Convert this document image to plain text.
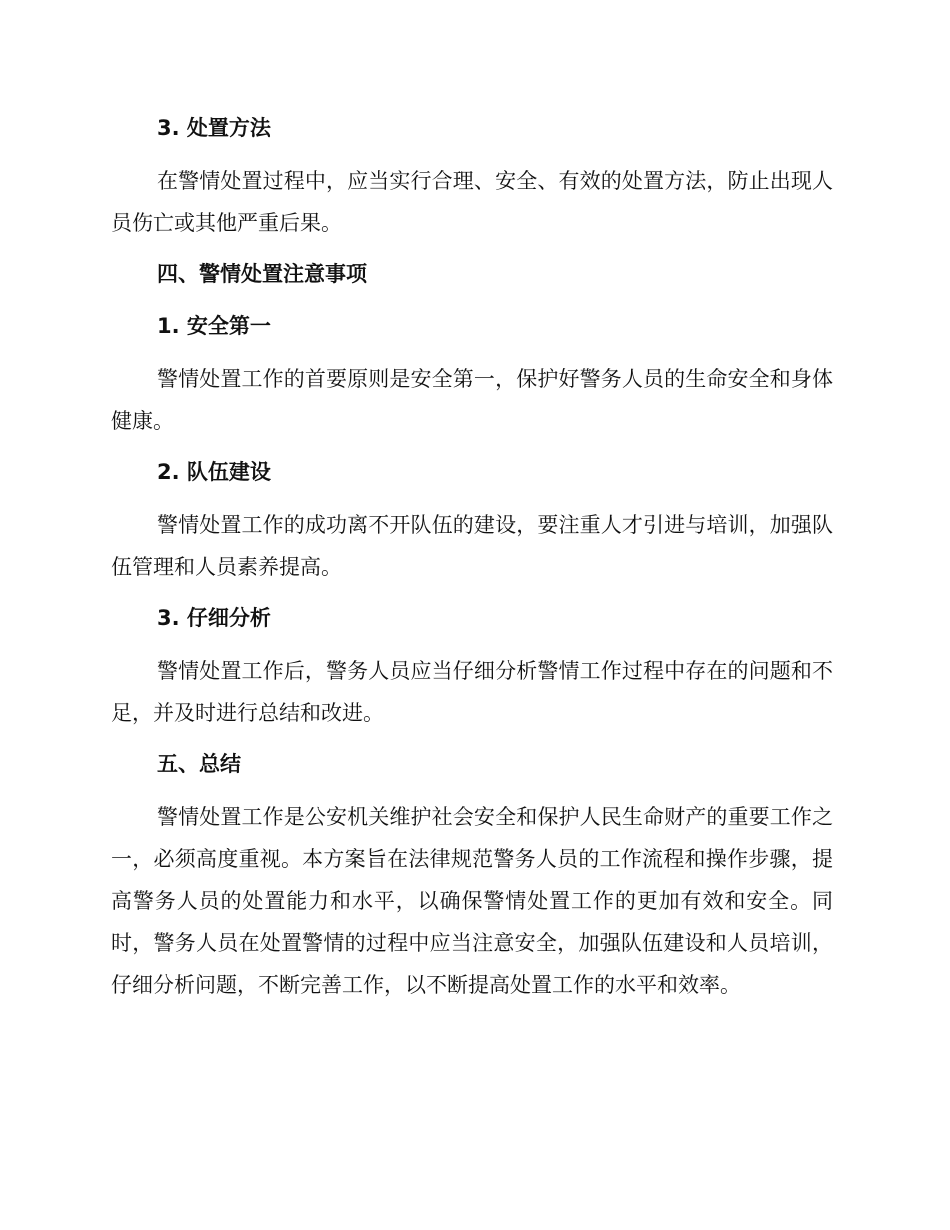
3. 处置方法

在警情处置过程中，应当实行合理、安全、有效的处置方法，防止出现人员伤亡或其他严重后果。

四、警情处置注意事项

1. 安全第一

警情处置工作的首要原则是安全第一，保护好警务人员的生命安全和身体健康。

2. 队伍建设

警情处置工作的成功离不开队伍的建设，要注重人才引进与培训，加强队伍管理和人员素养提高。

3. 仔细分析

警情处置工作后，警务人员应当仔细分析警情工作过程中存在的问题和不足，并及时进行总结和改进。

五、总结

警情处置工作是公安机关维护社会安全和保护人民生命财产的重要工作之一，必须高度重视。本方案旨在法律规范警务人员的工作流程和操作步骤，提高警务人员的处置能力和水平，以确保警情处置工作的更加有效和安全。同时，警务人员在处置警情的过程中应当注意安全，加强队伍建设和人员培训，仔细分析问题，不断完善工作，以不断提高处置工作的水平和效率。
